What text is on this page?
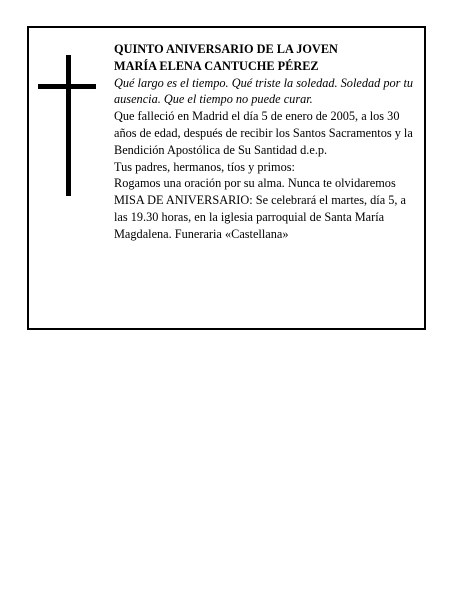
QUINTO ANIVERSARIO DE LA JOVEN

MARÍA ELENA CANTUCHE PÉREZ

Qué largo es el tiempo. Qué triste la soledad. Soledad por tu ausencia. Que el tiempo no puede curar.

Que falleció en Madrid el día 5 de enero de 2005, a los 30 años de edad, después de recibir los Santos Sacramentos y la Bendición Apostólica de Su Santidad d.e.p.

Tus padres, hermanos, tíos y primos:

Rogamos una oración por su alma. Nunca te olvidaremos

MISA DE ANIVERSARIO: Se celebrará el martes, día 5, a las 19.30 horas, en la iglesia parroquial de Santa María Magdalena. Funeraria «Castellana»
